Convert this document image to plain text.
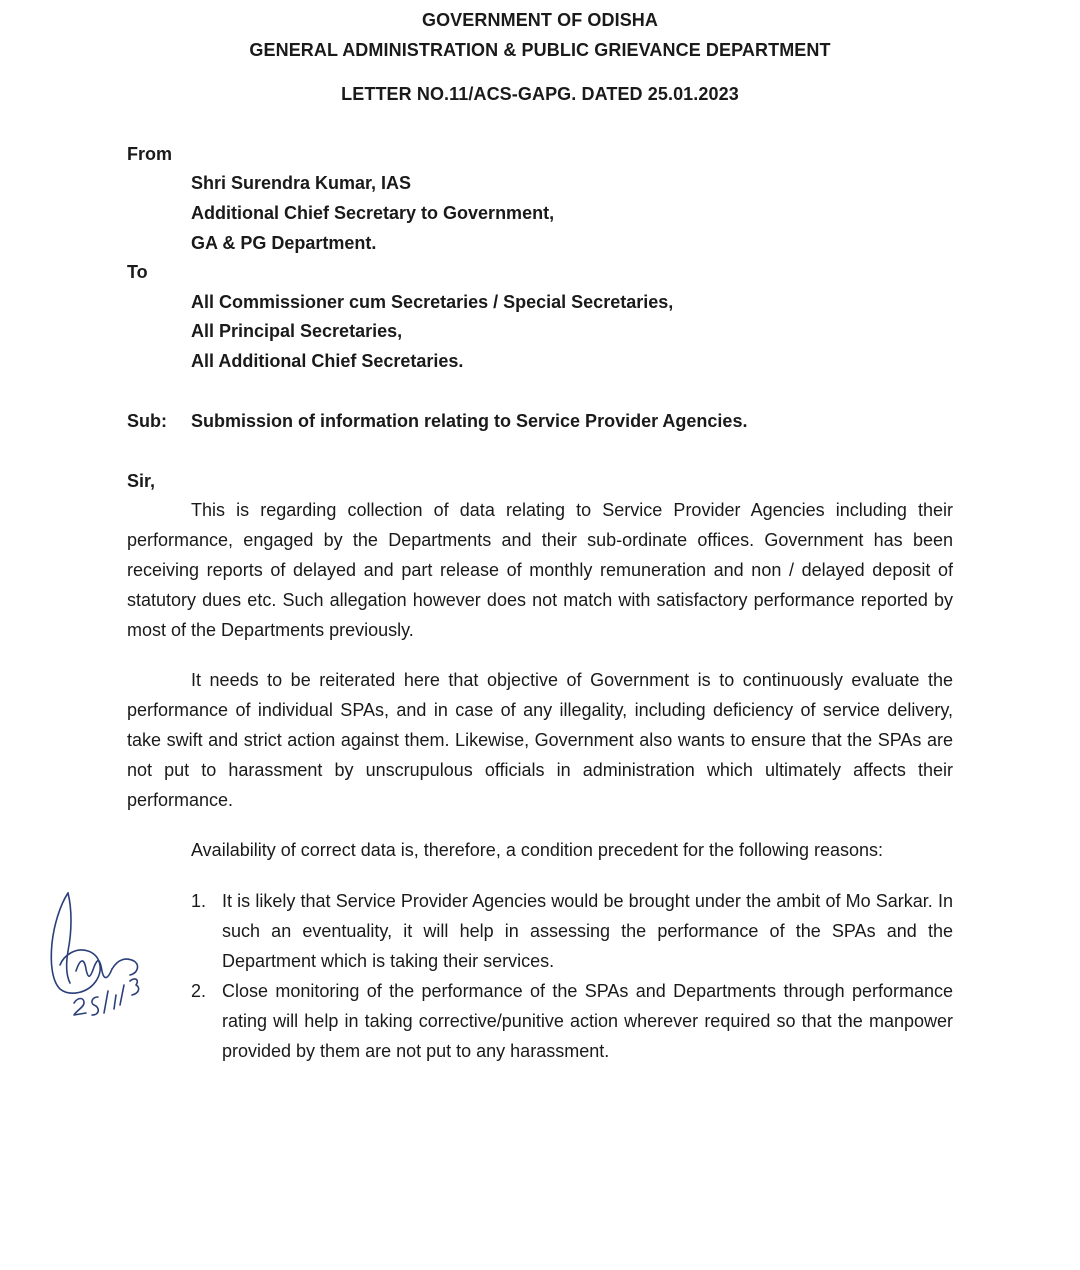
GOVERNMENT OF ODISHA
GENERAL ADMINISTRATION & PUBLIC GRIEVANCE DEPARTMENT
LETTER NO.11/ACS-GAPG. DATED 25.01.2023
From
Shri Surendra Kumar, IAS
Additional Chief Secretary to Government,
GA & PG Department.
To
All Commissioner cum Secretaries / Special Secretaries,
All Principal Secretaries,
All Additional Chief Secretaries.
Sub: Submission of information relating to Service Provider Agencies.
Sir,
This is regarding collection of data relating to Service Provider Agencies including their performance, engaged by the Departments and their sub-ordinate offices. Government has been receiving reports of delayed and part release of monthly remuneration and non / delayed deposit of statutory dues etc. Such allegation however does not match with satisfactory performance reported by most of the Departments previously.
It needs to be reiterated here that objective of Government is to continuously evaluate the performance of individual SPAs, and in case of any illegality, including deficiency of service delivery, take swift and strict action against them. Likewise, Government also wants to ensure that the SPAs are not put to harassment by unscrupulous officials in administration which ultimately affects their performance.
Availability of correct data is, therefore, a condition precedent for the following reasons:
1. It is likely that Service Provider Agencies would be brought under the ambit of Mo Sarkar. In such an eventuality, it will help in assessing the performance of the SPAs and the Department which is taking their services.
2. Close monitoring of the performance of the SPAs and Departments through performance rating will help in taking corrective/punitive action wherever required so that the manpower provided by them are not put to any harassment.
